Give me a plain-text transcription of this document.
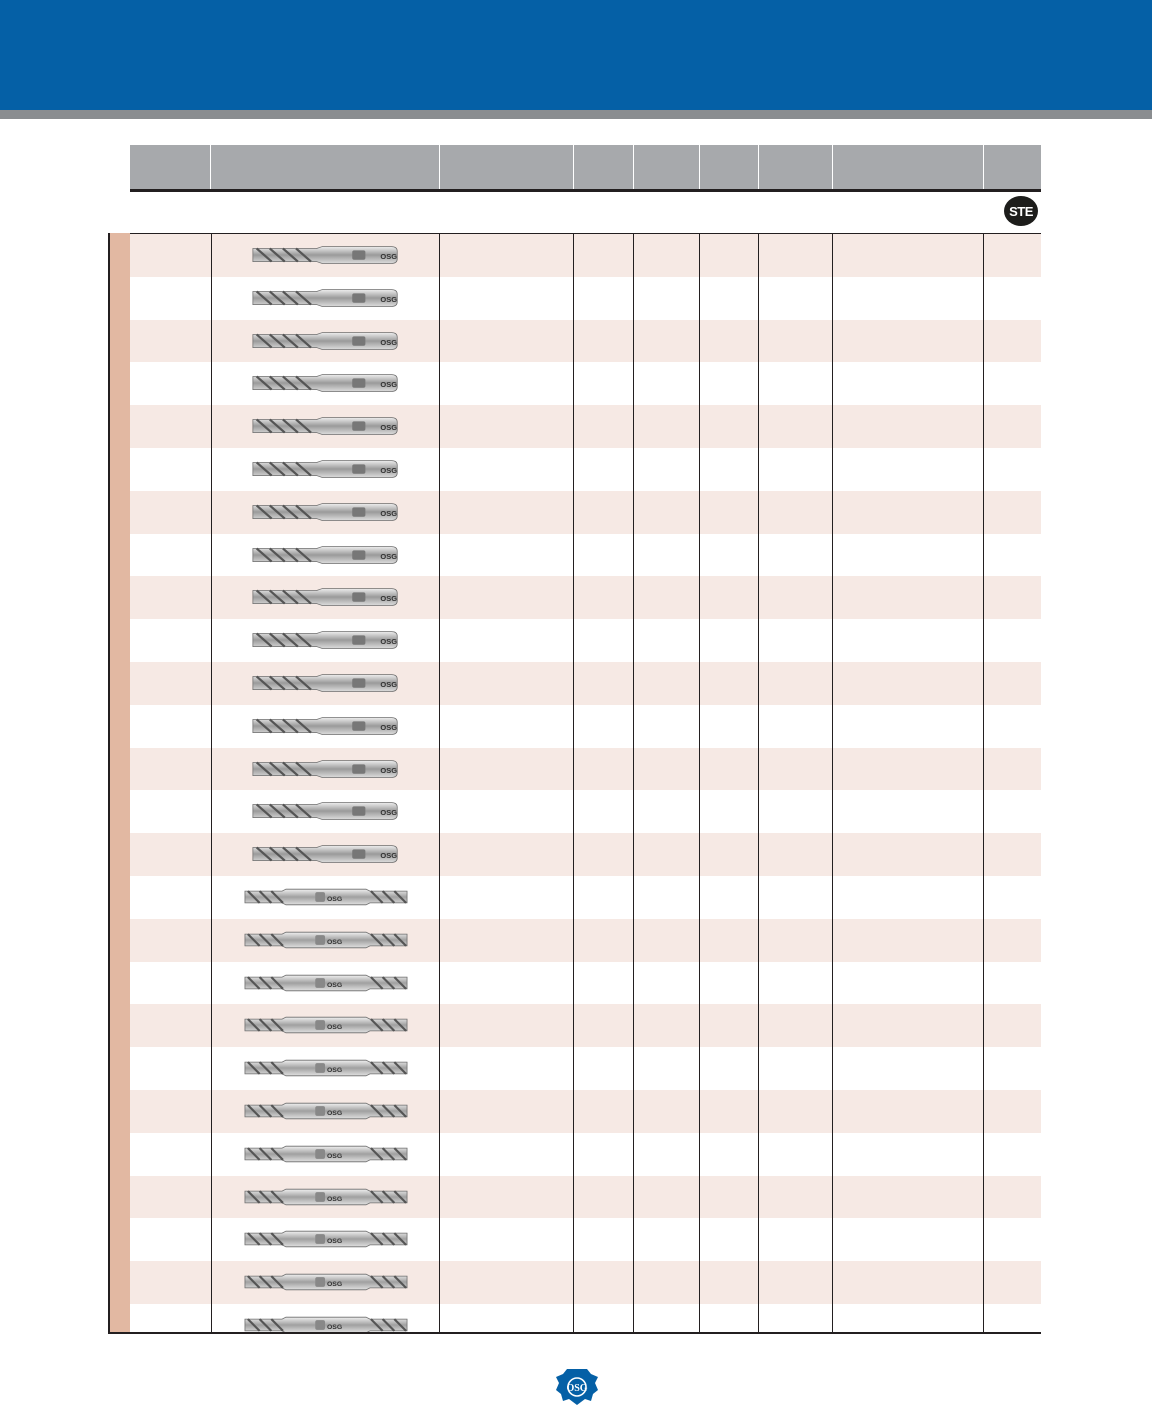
STE
OSG
OSG
OSG
OSG
OSG
OSG
OSG
OSG
OSG
OSG
OSG
OSG
OSG
OSG
OSG
OSG
OSG
OSG
OSG
OSG
OSG
OSG
OSG
OSG
OSG
OSG
OSG
